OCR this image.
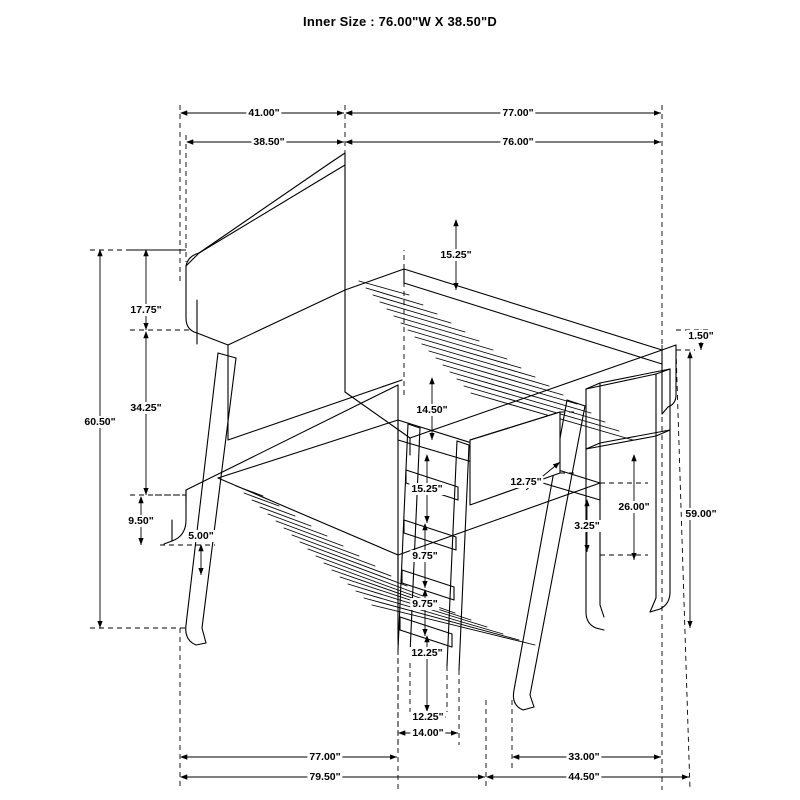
Inner Size : 76.00"W X 38.50"D
41.00"	77.00"
38.50"	76.00"
15.25"
17.75"
1.50"
60.50"
34.25"	14.50"
12.75"
15.25"
26.00"
59.00"
9.50"	3.25"
5.00"
9.75"
9.75"
12.25"
12.25"
14.00"
77.00"	33.00"
79.50"	44.50"
